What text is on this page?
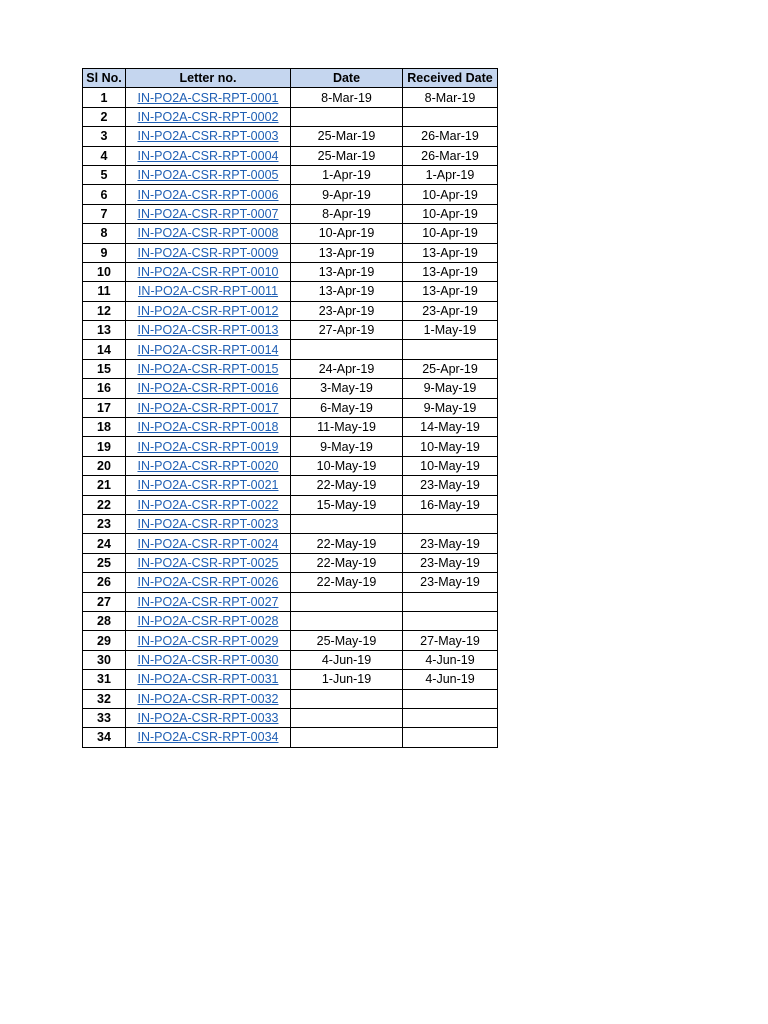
Sl No.	Letter no.	Date	Received Date
1	IN-PO2A-CSR-RPT-0001	8-Mar-19	8-Mar-19
2	IN-PO2A-CSR-RPT-0002		
3	IN-PO2A-CSR-RPT-0003	25-Mar-19	26-Mar-19
4	IN-PO2A-CSR-RPT-0004	25-Mar-19	26-Mar-19
5	IN-PO2A-CSR-RPT-0005	1-Apr-19	1-Apr-19
6	IN-PO2A-CSR-RPT-0006	9-Apr-19	10-Apr-19
7	IN-PO2A-CSR-RPT-0007	8-Apr-19	10-Apr-19
8	IN-PO2A-CSR-RPT-0008	10-Apr-19	10-Apr-19
9	IN-PO2A-CSR-RPT-0009	13-Apr-19	13-Apr-19
10	IN-PO2A-CSR-RPT-0010	13-Apr-19	13-Apr-19
11	IN-PO2A-CSR-RPT-0011	13-Apr-19	13-Apr-19
12	IN-PO2A-CSR-RPT-0012	23-Apr-19	23-Apr-19
13	IN-PO2A-CSR-RPT-0013	27-Apr-19	1-May-19
14	IN-PO2A-CSR-RPT-0014		
15	IN-PO2A-CSR-RPT-0015	24-Apr-19	25-Apr-19
16	IN-PO2A-CSR-RPT-0016	3-May-19	9-May-19
17	IN-PO2A-CSR-RPT-0017	6-May-19	9-May-19
18	IN-PO2A-CSR-RPT-0018	11-May-19	14-May-19
19	IN-PO2A-CSR-RPT-0019	9-May-19	10-May-19
20	IN-PO2A-CSR-RPT-0020	10-May-19	10-May-19
21	IN-PO2A-CSR-RPT-0021	22-May-19	23-May-19
22	IN-PO2A-CSR-RPT-0022	15-May-19	16-May-19
23	IN-PO2A-CSR-RPT-0023		
24	IN-PO2A-CSR-RPT-0024	22-May-19	23-May-19
25	IN-PO2A-CSR-RPT-0025	22-May-19	23-May-19
26	IN-PO2A-CSR-RPT-0026	22-May-19	23-May-19
27	IN-PO2A-CSR-RPT-0027		
28	IN-PO2A-CSR-RPT-0028		
29	IN-PO2A-CSR-RPT-0029	25-May-19	27-May-19
30	IN-PO2A-CSR-RPT-0030	4-Jun-19	4-Jun-19
31	IN-PO2A-CSR-RPT-0031	1-Jun-19	4-Jun-19
32	IN-PO2A-CSR-RPT-0032		
33	IN-PO2A-CSR-RPT-0033		
34	IN-PO2A-CSR-RPT-0034		
